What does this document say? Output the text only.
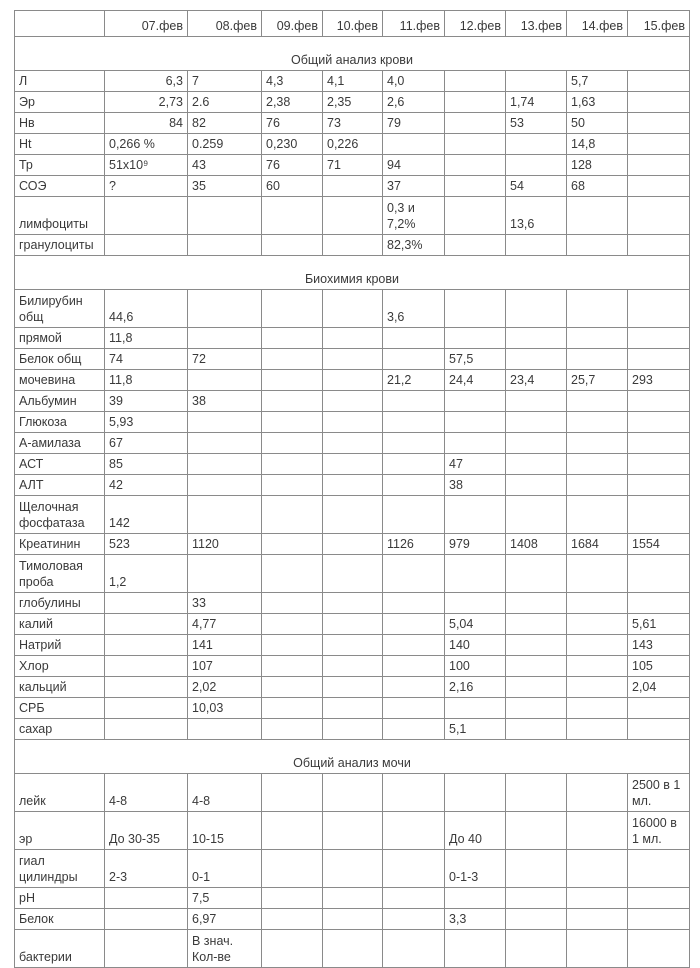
	07.фев	08.фев	09.фев	10.фев	11.фев	12.фев	13.фев	14.фев	15.фев
Общий анализ крови									
Л	6,3	7	4,3	4,1	4,0			5,7	
Эр	2,73	2.6	2,38	2,35	2,6		1,74	1,63	
Нв	84	82	76	73	79		53	50	
Ht	0,266 %	0.259	0,230	0,226				14,8	
Тр	51x10⁹	43	76	71	94			128	
СОЭ	?	35	60		37		54	68	
лимфоциты					0,3 и 7,2%		13,6		
гранулоциты					82,3%				
Биохимия крови									
Билирубин общ	44,6				3,6				
прямой	11,8								
Белок общ	74	72				57,5			
мочевина	11,8				21,2	24,4	23,4	25,7	293
Альбумин	39	38							
Глюкоза	5,93								
А-амилаза	67								
АСТ	85					47			
АЛТ	42					38			
Щелочная фосфатаза	142								
Креатинин	523	1120			1126	979	1408	1684	1554
Тимоловая проба	1,2								
глобулины		33							
калий		4,77				5,04			5,61
Натрий		141				140			143
Хлор		107				100			105
кальций		2,02				2,16			2,04
СРБ		10,03							
сахар						5,1			
Общий анализ мочи									
лейк	4-8	4-8							2500 в 1 мл.
эр	До 30-35	10-15				До 40			16000 в 1 мл.
гиал цилиндры	2-3	0-1				0-1-3			
pH		7,5							
Белок		6,97				3,3			
бактерии		В знач. Кол-ве							
